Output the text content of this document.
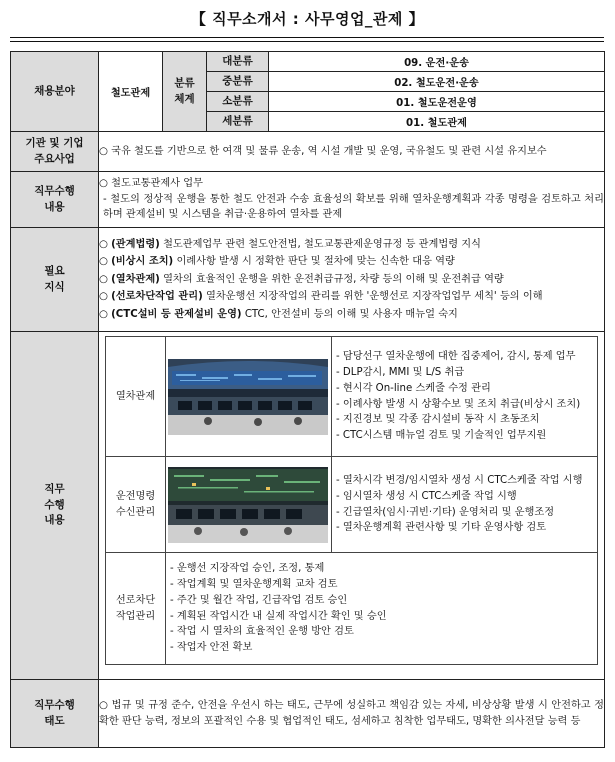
【 직무소개서 : 사무영업_관제 】
채용분야	철도관제	
분류
체계
	대분류	09. 운전·운송
중분류	02. 철도운전·운송
소분류	01. 철도운전운영
세분류	01. 철도관제

기관 및 기업
주요사업
	○ 국유 철도를 기반으로 한 여객 및 물류 운송, 역 시설 개발 및 운영, 국유철도 및 관련 시설 유지보수

직무수행
내용

○ 철도교통관제사 업무
- 철도의 정상적 운행을 통한 철도 안전과 수송 효율성의 확보를 위해 열차운행계획과 각종 명령을 검토하고 처리하며 관제설비 및 시스템을 취급·운용하여 열차를 관제

필요
지식

○ (관계법령) 철도관제업무 관련 철도안전법, 철도교통관제운영규정 등 관계법령 지식
○ (비상시 조치) 이례사항 발생 시 정확한 판단 및 절차에 맞는 신속한 대응 역량
○ (열차관제) 열차의 효율적인 운행을 위한 운전취급규정, 차량 등의 이해 및 운전취급 역량
○ (선로차단작업 관리) 열차운행선 지장작업의 관리를 위한 '운행선로 지장작업업무 세칙' 등의 이해
○ (CTC설비 등 관제설비 운영) CTC, 안전설비 등의 이해 및 사용자 매뉴얼 숙지

직무
수행
내용

열차관제

- 담당선구 열차운행에 대한 집중제어, 감시, 통제 업무
- DLP감시, MMI 및 L/S 취급
- 현시각 On-line 스케줄 수정 관리
- 이례사항 발생 시 상황수보 및 조치 취급(비상시 조치)
- 지진경보 및 각종 감시설비 동작 시 초동조치
- CTC시스템 매뉴얼 검토 및 기술적인 업무지원

운전명령
수신관리

- 열차시각 변경/임시열차 생성 시 CTC스케줄 작업 시행
- 임시열차 생성 시 CTC스케줄 작업 시행
- 긴급열차(임시·귀빈·기타) 운영처리 및 운행조정
- 열차운행계획 관련사항 및 기타 운영사항 검토

선로차단
작업관리

- 운행선 지장작업 승인, 조정, 통제
- 작업계획 및 열차운행계획 교차 검토
- 주간 및 월간 작업, 긴급작업 검토 승인
- 계획된 작업시간 내 실제 작업시간 확인 및 승인
- 작업 시 열차의 효율적인 운행 방안 검토
- 작업자 안전 확보

직무수행
태도
	○ 법규 및 규정 준수, 안전을 우선시 하는 태도, 근무에 성실하고 책임감 있는 자세, 비상상황 발생 시 안전하고 정확한 판단 능력, 정보의 포괄적인 수용 및 협업적인 태도, 섬세하고 침착한 업무태도, 명확한 의사전달 능력 등
